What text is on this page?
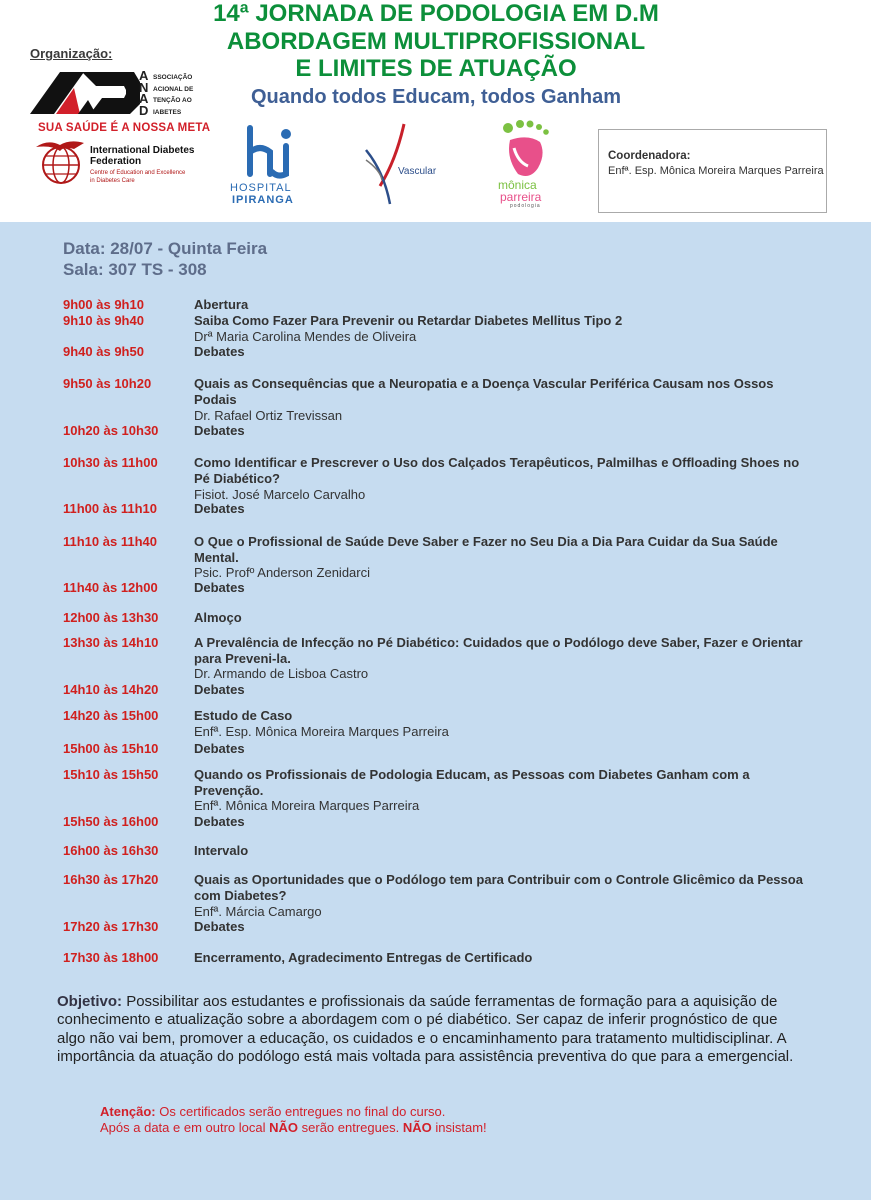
Organização:
A
N
A
D
SSOCIAÇÃO
ACIONAL DE
TENÇÃO AO
IABETES
SUA SAÚDE É A NOSSA META
International Diabetes
Federation
Centre of Education and Excellence
in Diabetes Care
14ª JORNADA DE PODOLOGIA EM D.M
ABORDAGEM MULTIPROFISSIONAL
E LIMITES DE ATUAÇÃO
Quando todos Educam, todos Ganham
HOSPITAL
IPIRANGA
Vascular
mônica
parreira
podologia
Coordenadora:
Enfª. Esp. Mônica Moreira Marques Parreira
Data: 28/07 - Quinta Feira
Sala: 307 TS - 308
9h00 às 9h10	Abertura
9h10 às 9h40	Saiba Como Fazer Para Prevenir ou Retardar Diabetes Mellitus Tipo 2
Drª Maria Carolina Mendes de Oliveira
9h40 às 9h50	Debates
9h50 às 10h20	Quais as Consequências que a Neuropatia e a Doença Vascular Periférica Causam nos Ossos Podais
Dr. Rafael Ortiz Trevissan
10h20 às 10h30	Debates
10h30 às 11h00	Como Identificar e Prescrever o Uso dos Calçados Terapêuticos, Palmilhas e Offloading Shoes no Pé Diabético?
Fisiot. José Marcelo Carvalho
11h00 às 11h10	Debates
11h10 às 11h40	O Que o Profissional de Saúde Deve Saber e Fazer no Seu Dia a Dia Para Cuidar da Sua Saúde Mental.
Psic. Profº Anderson Zenidarci
11h40 às 12h00	Debates
12h00 às 13h30	Almoço
13h30 às 14h10	A Prevalência de Infecção no Pé Diabético: Cuidados que o Podólogo deve Saber, Fazer e Orientar para Preveni-la.
Dr. Armando de Lisboa Castro
14h10 às 14h20	Debates
14h20 às 15h00	Estudo de Caso
Enfª. Esp. Mônica Moreira Marques Parreira
15h00 às 15h10	Debates
15h10 às 15h50	Quando os Profissionais de Podologia Educam, as Pessoas com Diabetes Ganham com a Prevenção.
Enfª. Mônica Moreira Marques Parreira
15h50 às 16h00	Debates
16h00 às 16h30	Intervalo
16h30 às 17h20	Quais as Oportunidades que o Podólogo tem para Contribuir com o Controle Glicêmico da Pessoa com Diabetes?
Enfª. Márcia Camargo
17h20 às 17h30	Debates
17h30 às 18h00	Encerramento, Agradecimento Entregas de Certificado
Objetivo: Possibilitar aos estudantes e profissionais da saúde ferramentas de formação para a aquisição de conhecimento e atualização sobre a abordagem com o pé diabético. Ser capaz de inferir prognóstico de que algo não vai bem, promover a educação, os cuidados e o encaminhamento para tratamento multidisciplinar. A importância da atuação do podólogo está mais voltada para assistência preventiva do que para a emergencial.
Atenção: Os certificados serão entregues no final do curso.
Após a data e em outro local NÃO serão entregues. NÃO insistam!
